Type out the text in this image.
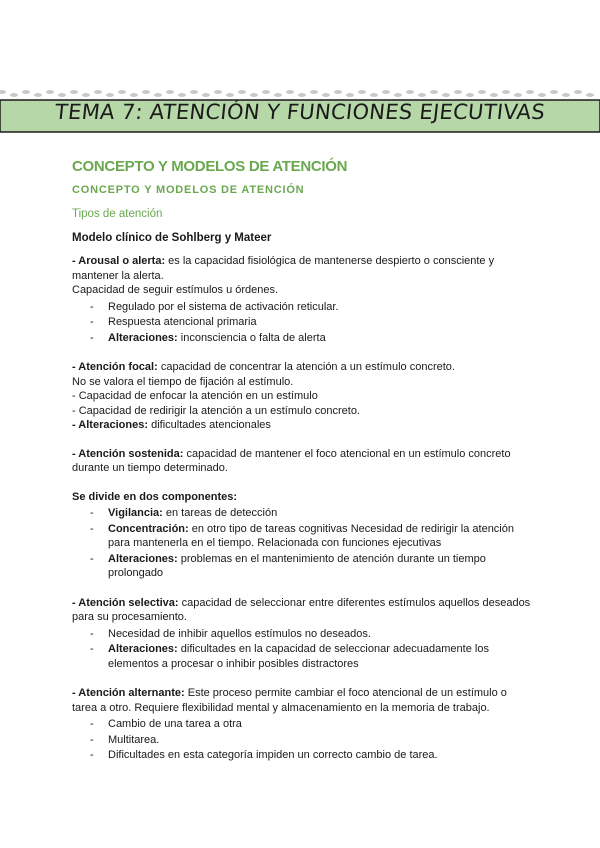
TEMA 7: ATENCIÓN Y FUNCIONES EJECUTIVAS
CONCEPTO Y MODELOS DE ATENCIÓN
CONCEPTO Y MODELOS DE ATENCIÓN
Tipos de atención
Modelo clínico de Sohlberg y Mateer

- Arousal o alerta: es la capacidad fisiológica de mantenerse despierto o consciente y mantener la alerta.

Capacidad de seguir estímulos u órdenes.

- Regulado por el sistema de activación reticular.
- Respuesta atencional primaria
- Alteraciones: inconsciencia o falta de alerta

- Atención focal: capacidad de concentrar la atención a un estímulo concreto.

No se valora el tiempo de fijación al estímulo.

- Capacidad de enfocar la atención en un estímulo

- Capacidad de redirigir la atención a un estímulo concreto.

- Alteraciones: dificultades atencionales

- Atención sostenida: capacidad de mantener el foco atencional en un estímulo concreto durante un tiempo determinado.

Se divide en dos componentes:

- Vigilancia: en tareas de detección
- Concentración: en otro tipo de tareas cognitivas Necesidad de redirigir la atención para mantenerla en el tiempo. Relacionada con funciones ejecutivas
- Alteraciones: problemas en el mantenimiento de atención durante un tiempo prolongado

- Atención selectiva: capacidad de seleccionar entre diferentes estímulos aquellos deseados para su procesamiento.

- Necesidad de inhibir aquellos estímulos no deseados.
- Alteraciones: dificultades en la capacidad de seleccionar adecuadamente los elementos a procesar o inhibir posibles distractores

- Atención alternante: Este proceso permite cambiar el foco atencional de un estímulo o tarea a otro. Requiere flexibilidad mental y almacenamiento en la memoria de trabajo.

- Cambio de una tarea a otra
- Multitarea.
- Dificultades en esta categoría impiden un correcto cambio de tarea.
